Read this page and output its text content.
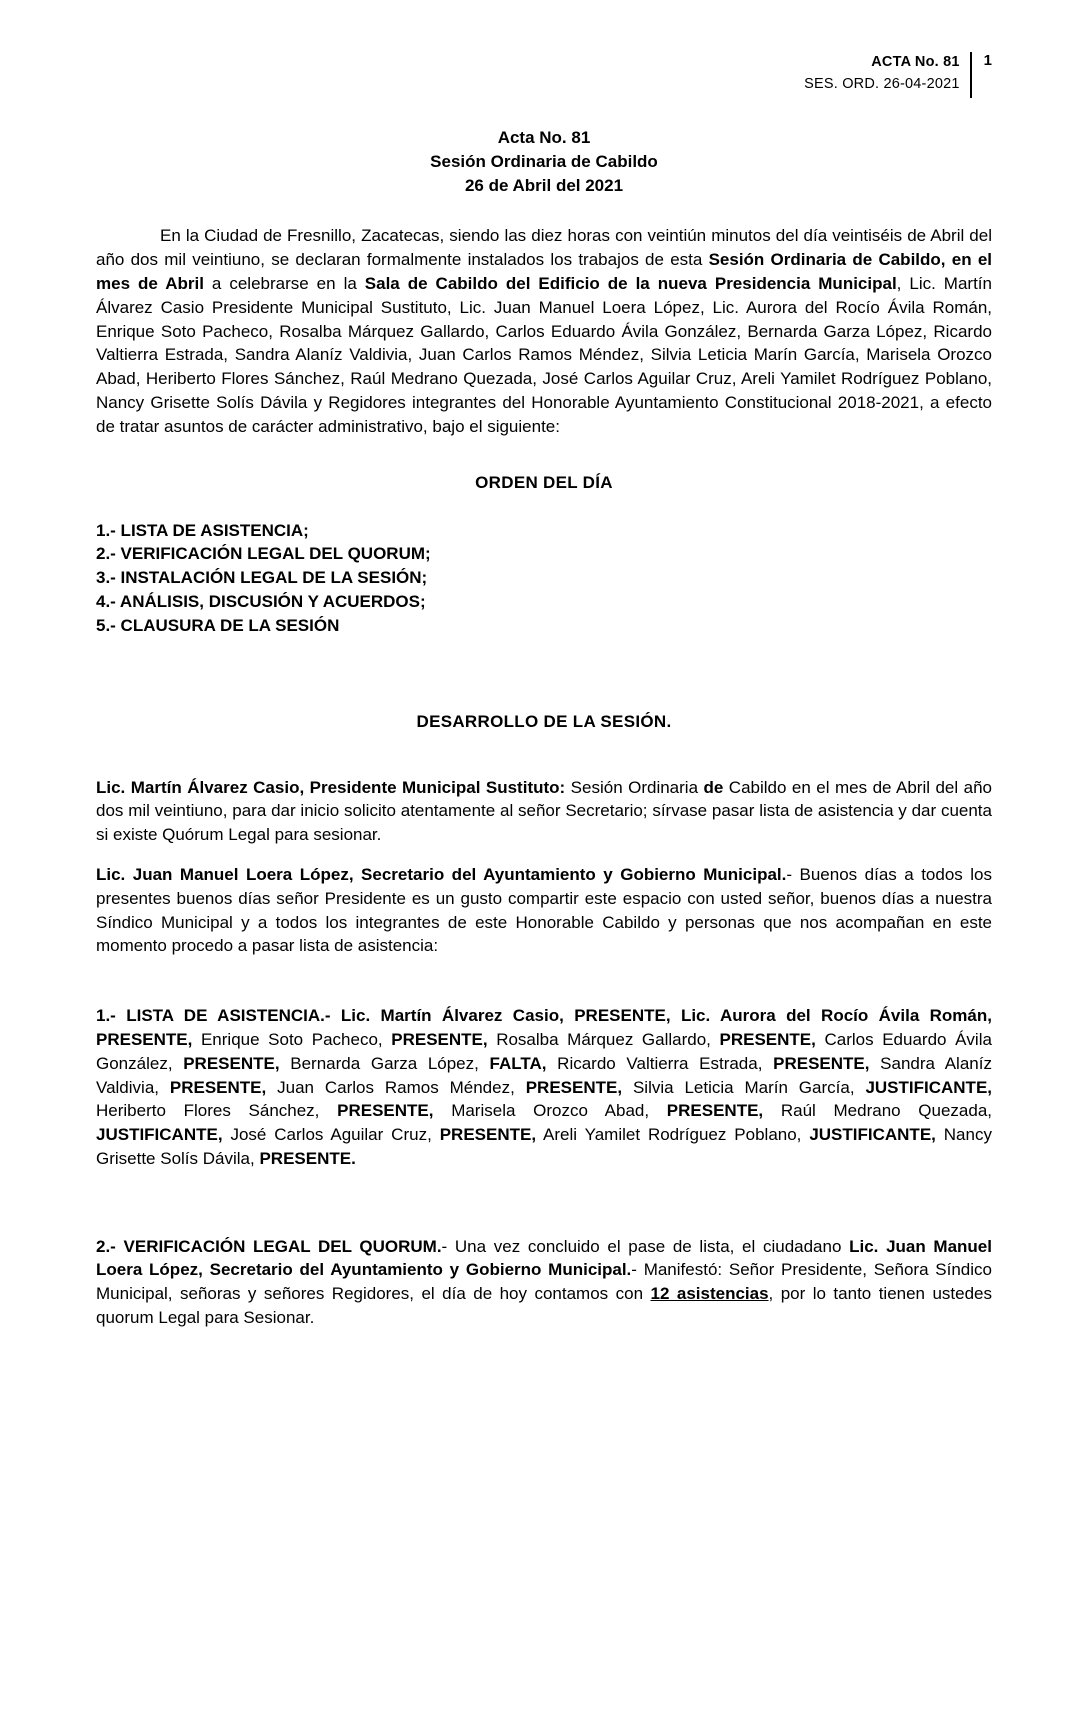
ACTA No. 81
SES. ORD. 26-04-2021
1
Acta No. 81
Sesión Ordinaria de Cabildo
26 de Abril del 2021

En la Ciudad de Fresnillo, Zacatecas, siendo las diez horas con veintiún minutos del día veintiséis de Abril del año dos mil veintiuno, se declaran formalmente instalados los trabajos de esta Sesión Ordinaria de Cabildo, en el mes de Abril a celebrarse en la Sala de Cabildo del Edificio de la nueva Presidencia Municipal, Lic. Martín Álvarez Casio Presidente Municipal Sustituto, Lic. Juan Manuel Loera López, Lic. Aurora del Rocío Ávila Román, Enrique Soto Pacheco, Rosalba Márquez Gallardo, Carlos Eduardo Ávila González, Bernarda Garza López, Ricardo Valtierra Estrada, Sandra Alaníz Valdivia, Juan Carlos Ramos Méndez, Silvia Leticia Marín García, Marisela Orozco Abad, Heriberto Flores Sánchez, Raúl Medrano Quezada, José Carlos Aguilar Cruz, Areli Yamilet Rodríguez Poblano, Nancy Grisette Solís Dávila y Regidores integrantes del Honorable Ayuntamiento Constitucional 2018-2021, a efecto de tratar asuntos de carácter administrativo, bajo el siguiente:

ORDEN DEL DÍA
1.- LISTA DE ASISTENCIA;
2.- VERIFICACIÓN LEGAL DEL QUORUM;
3.- INSTALACIÓN LEGAL DE LA SESIÓN;
4.- ANÁLISIS, DISCUSIÓN Y ACUERDOS;
5.- CLAUSURA DE LA SESIÓN
DESARROLLO DE LA SESIÓN.

Lic. Martín Álvarez Casio, Presidente Municipal Sustituto: Sesión Ordinaria de Cabildo en el mes de Abril del año dos mil veintiuno, para dar inicio solicito atentamente al señor Secretario; sírvase pasar lista de asistencia y dar cuenta si existe Quórum Legal para sesionar.

Lic. Juan Manuel Loera López, Secretario del Ayuntamiento y Gobierno Municipal.- Buenos días a todos los presentes buenos días señor Presidente es un gusto compartir este espacio con usted señor, buenos días a nuestra Síndico Municipal y a todos los integrantes de este Honorable Cabildo y personas que nos acompañan en este momento procedo a pasar lista de asistencia:

1.- LISTA DE ASISTENCIA.- Lic. Martín Álvarez Casio, PRESENTE, Lic. Aurora del Rocío Ávila Román, PRESENTE, Enrique Soto Pacheco, PRESENTE, Rosalba Márquez Gallardo, PRESENTE, Carlos Eduardo Ávila González, PRESENTE, Bernarda Garza López, FALTA, Ricardo Valtierra Estrada, PRESENTE, Sandra Alaníz Valdivia, PRESENTE, Juan Carlos Ramos Méndez, PRESENTE, Silvia Leticia Marín García, JUSTIFICANTE, Heriberto Flores Sánchez, PRESENTE, Marisela Orozco Abad, PRESENTE, Raúl Medrano Quezada, JUSTIFICANTE, José Carlos Aguilar Cruz, PRESENTE, Areli Yamilet Rodríguez Poblano, JUSTIFICANTE, Nancy Grisette Solís Dávila, PRESENTE.

2.- VERIFICACIÓN LEGAL DEL QUORUM.- Una vez concluido el pase de lista, el ciudadano Lic. Juan Manuel Loera López, Secretario del Ayuntamiento y Gobierno Municipal.- Manifestó: Señor Presidente, Señora Síndico Municipal, señoras y señores Regidores, el día de hoy contamos con 12 asistencias, por lo tanto tienen ustedes quorum Legal para Sesionar.
